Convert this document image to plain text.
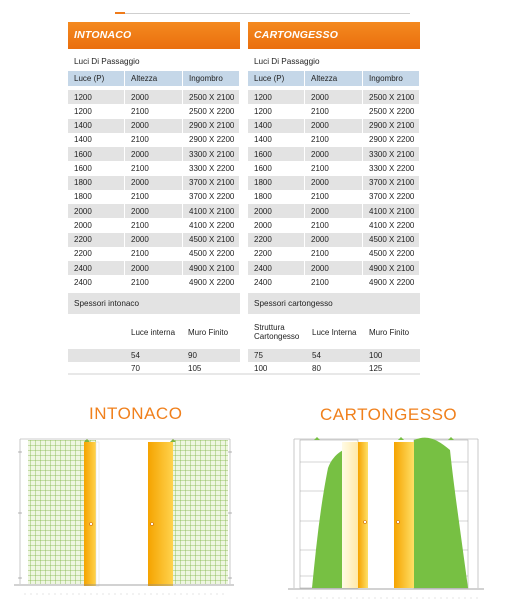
INTONACO
Luci Di Passaggio
Luce (P)	Altezza	Ingombro

1200	2000	2500 X 2100
1200	2100	2500 X 2200
1400	2000	2900 X 2100
1400	2100	2900 X 2200
1600	2000	3300 X 2100
1600	2100	3300 X 2200
1800	2000	3700 X 2100
1800	2100	3700 X 2200
2000	2000	4100 X 2100
2000	2100	4100 X 2200
2200	2000	4500 X 2100
2200	2100	4500 X 2200
2400	2000	4900 X 2100
2400	2100	4900 X 2200
Spessori intonaco
Luce interna	Muro Finito
54	90
70	105
CARTONGESSO
Luci Di Passaggio
Luce (P)	Altezza	Ingombro

1200	2000	2500 X 2100
1200	2100	2500 X 2200
1400	2000	2900 X 2100
1400	2100	2900 X 2200
1600	2000	3300 X 2100
1600	2100	3300 X 2200
1800	2000	3700 X 2100
1800	2100	3700 X 2200
2000	2000	4100 X 2100
2000	2100	4100 X 2200
2200	2000	4500 X 2100
2200	2100	4500 X 2200
2400	2000	4900 X 2100
2400	2100	4900 X 2200
Spessori cartongesso
Struttura Cartongesso	Luce Interna	Muro Finito
75	54	100
100	80	125
INTONACO	CARTONGESSO
